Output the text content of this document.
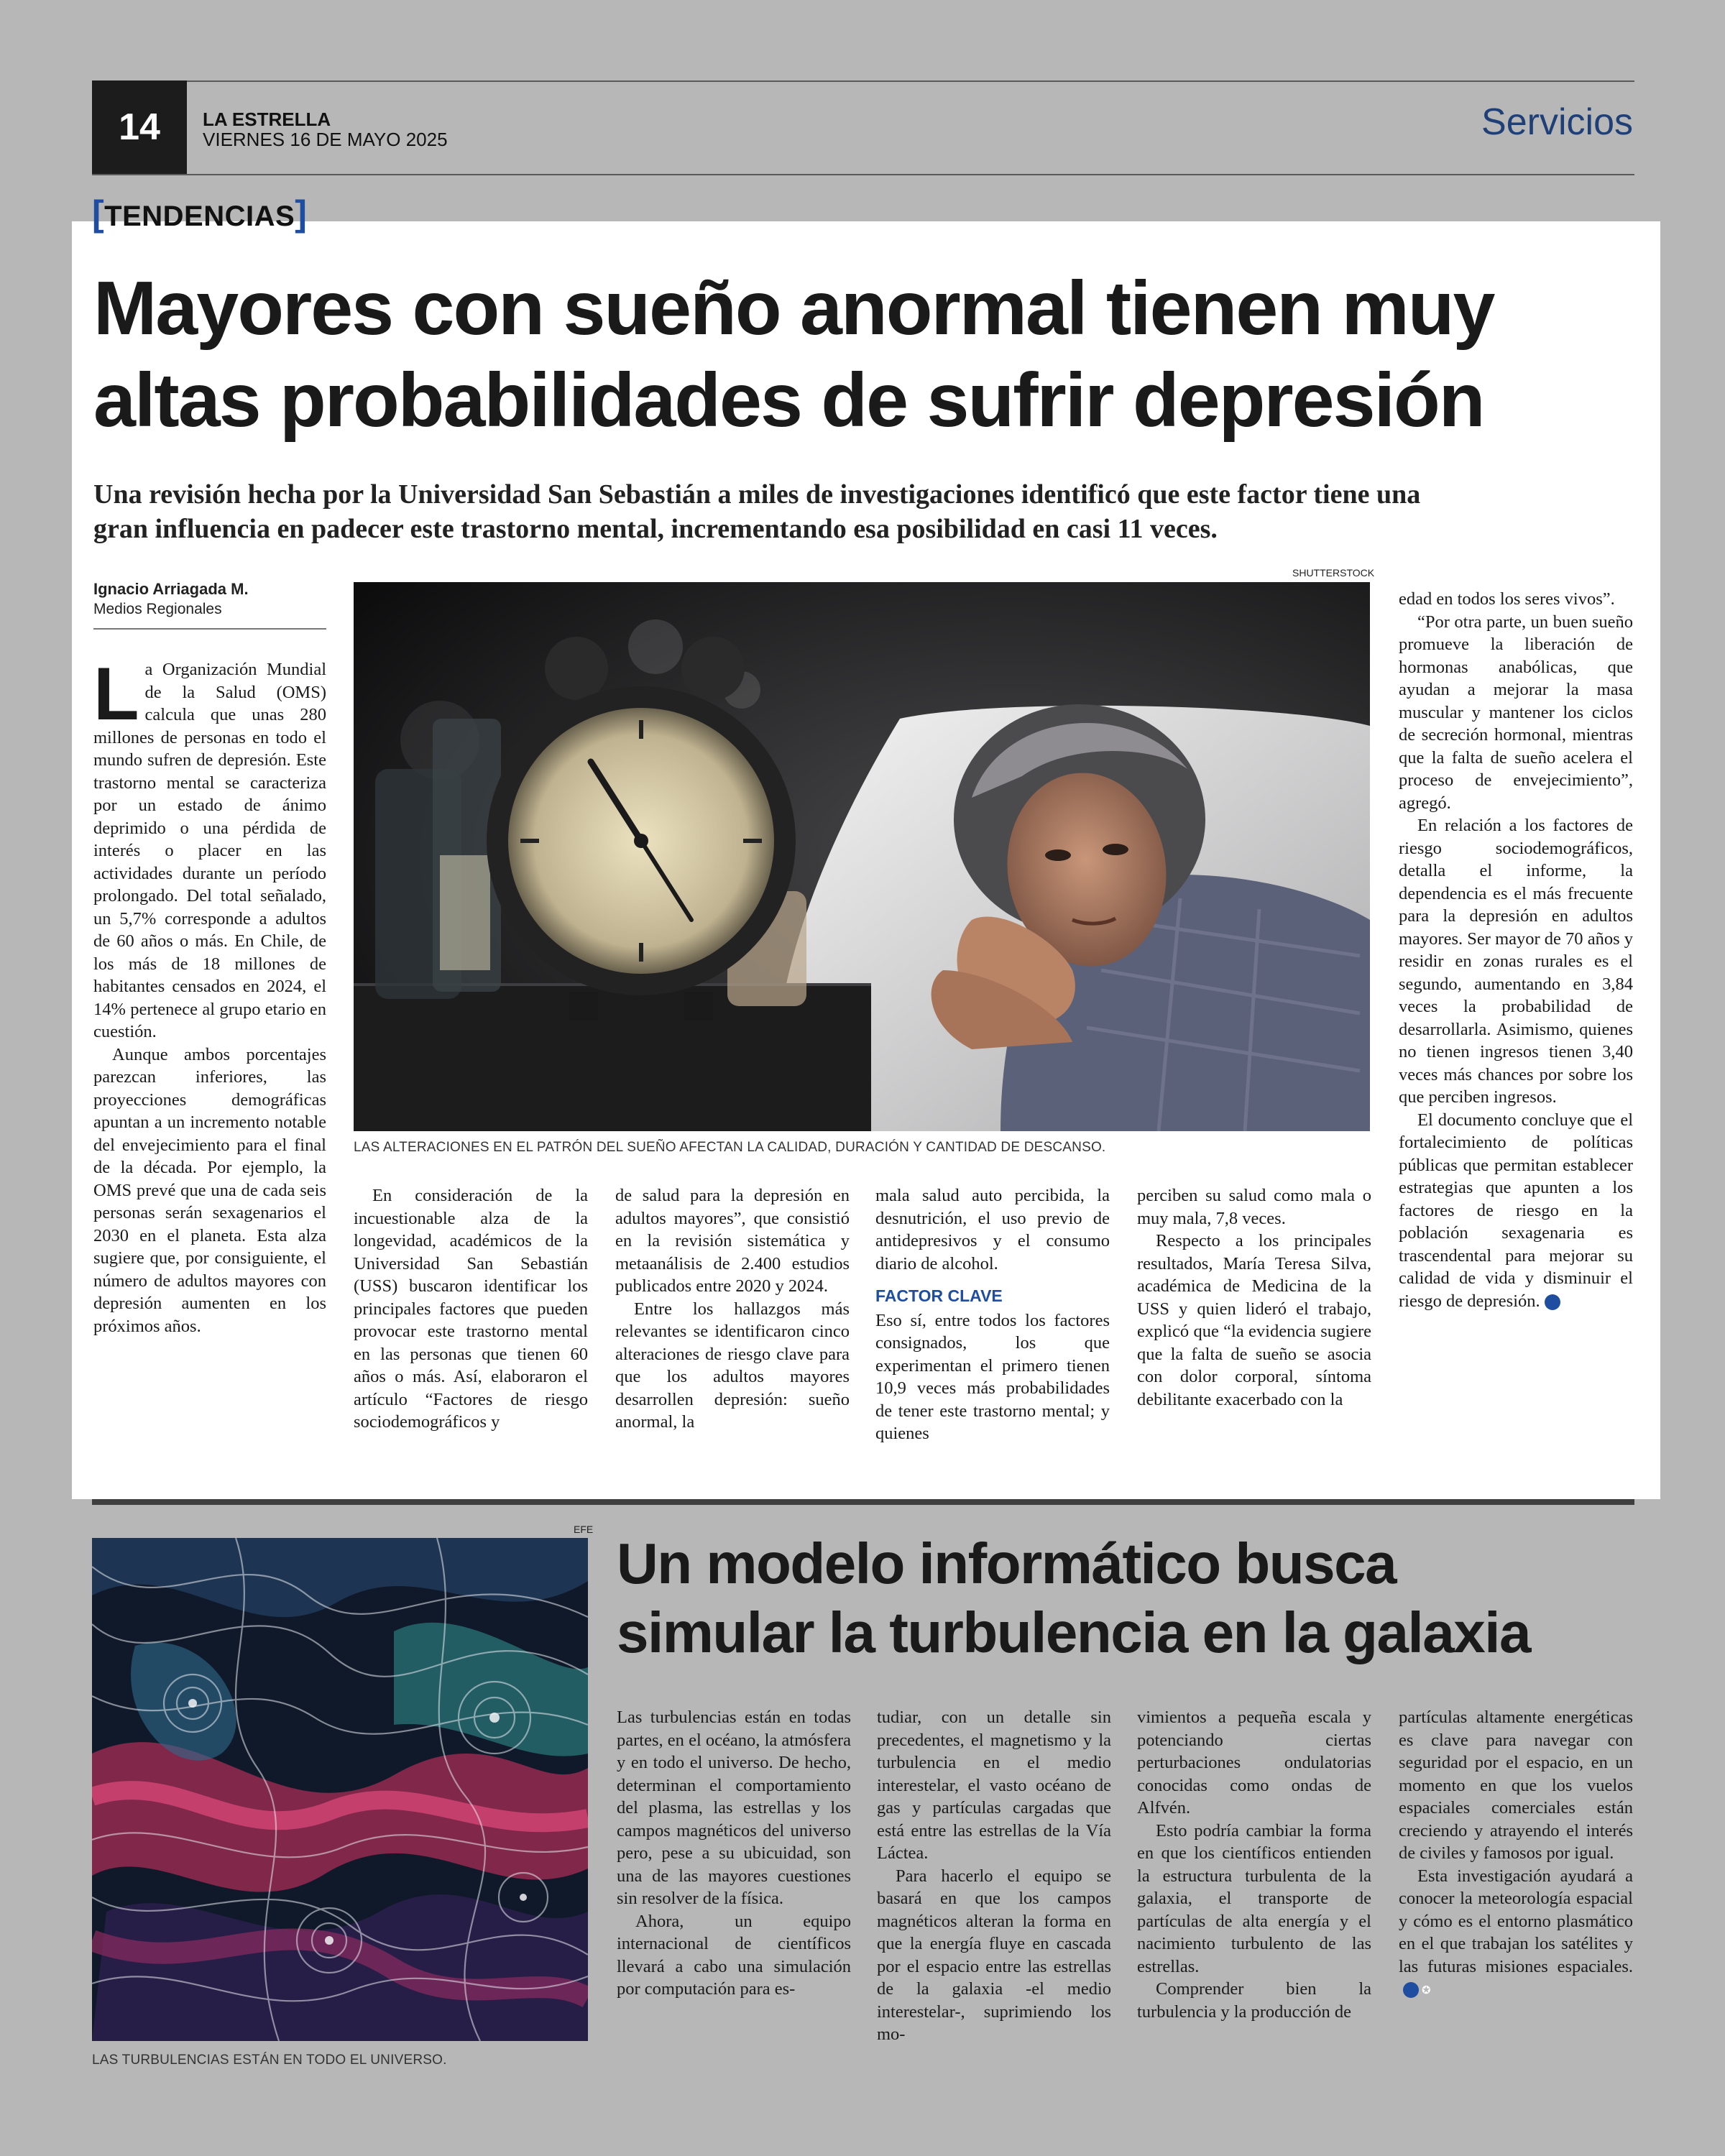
14	LA ESTRELLA
VIERNES 16 DE MAYO 2025	Servicios
[TENDENCIAS]
Mayores con sueño anormal tienen muy
altas probabilidades de sufrir depresión
Una revisión hecha por la Universidad San Sebastián a miles de investigaciones identificó que este factor tiene una
gran influencia en padecer este trastorno mental, incrementando esa posibilidad en casi 11 veces.
Ignacio Arriagada M.
Medios Regionales
SHUTTERSTOCK
LAS ALTERACIONES EN EL PATRÓN DEL SUEÑO AFECTAN LA CALIDAD, DURACIÓN Y CANTIDAD DE DESCANSO.

La Organización Mundial de la Salud (OMS) calcula que unas 280 millones de personas en todo el mundo sufren de depresión. Este trastorno mental se caracteriza por un estado de ánimo deprimido o una pérdida de interés o placer en las actividades durante un período prolongado. Del total señalado, un 5,7% corresponde a adultos de 60 años o más. En Chile, de los más de 18 millones de habitantes censados en 2024, el 14% pertenece al grupo etario en cuestión.

Aunque ambos porcentajes parezcan inferiores, las proyecciones demográficas apuntan a un incremento notable del envejecimiento para el final de la década. Por ejemplo, la OMS prevé que una de cada seis personas serán sexagenarios el 2030 en el planeta. Esta alza sugiere que, por consiguiente, el número de adultos mayores con depresión aumenten en los próximos años.

En consideración de la incuestionable alza de la longevidad, académicos de la Universidad San Sebastián (USS) buscaron identificar los principales factores que pueden provocar este trastorno mental en las personas que tienen 60 años o más. Así, elaboraron el artículo “Factores de riesgo sociodemográficos y

de salud para la depresión en adultos mayores”, que consistió en la revisión sistemática y metaanálisis de 2.400 estudios publicados entre 2020 y 2024.

Entre los hallazgos más relevantes se identificaron cinco alteraciones de riesgo clave para que los adultos mayores desarrollen depresión: sueño anormal, la

mala salud auto percibida, la desnutrición, el uso previo de antidepresivos y el consumo diario de alcohol.

FACTOR CLAVE

Eso sí, entre todos los factores consignados, los que experimentan el primero tienen 10,9 veces más probabilidades de tener este trastorno mental; y quienes

perciben su salud como mala o muy mala, 7,8 veces.

Respecto a los principales resultados, María Teresa Silva, académica de Medicina de la USS y quien lideró el trabajo, explicó que “la evidencia sugiere que la falta de sueño se asocia con dolor corporal, síntoma debilitante exacerbado con la

edad en todos los seres vivos”.

“Por otra parte, un buen sueño promueve la liberación de hormonas anabólicas, que ayudan a mejorar la masa muscular y mantener los ciclos de secreción hormonal, mientras que la falta de sueño acelera el proceso de envejecimiento”, agregó.

En relación a los factores de riesgo sociodemográficos, detalla el informe, la dependencia es el más frecuente para la depresión en adultos mayores. Ser mayor de 70 años y residir en zonas rurales es el segundo, aumentando en 3,84 veces la probabilidad de desarrollarla. Asimismo, quienes no tienen ingresos tienen 3,40 veces más chances por sobre los que perciben ingresos.

El documento concluye que el fortalecimiento de políticas públicas que permitan establecer estrategias que apunten a los factores de riesgo en la población sexagenaria es trascendental para mejorar su calidad de vida y disminuir el riesgo de depresión. ✪

EFE
LAS TURBULENCIAS ESTÁN EN TODO EL UNIVERSO.
Un modelo informático busca
simular la turbulencia en la galaxia

Las turbulencias están en todas partes, en el océano, la atmósfera y en todo el universo. De hecho, determinan el comportamiento del plasma, las estrellas y los campos magnéticos del universo pero, pese a su ubicuidad, son una de las mayores cuestiones sin resolver de la física.

Ahora, un equipo internacional de científicos llevará a cabo una simulación por computación para es-

tudiar, con un detalle sin precedentes, el magnetismo y la turbulencia en el medio interestelar, el vasto océano de gas y partículas cargadas que está entre las estrellas de la Vía Láctea.

Para hacerlo el equipo se basará en que los campos magnéticos alteran la forma en que la energía fluye en cascada por el espacio entre las estrellas de la galaxia -el medio interestelar-, suprimiendo los mo-

vimientos a pequeña escala y potenciando ciertas perturbaciones ondulatorias conocidas como ondas de Alfvén.

Esto podría cambiar la forma en que los científicos entienden la estructura turbulenta de la galaxia, el transporte de partículas de alta energía y el nacimiento turbulento de las estrellas.

Comprender bien la turbulencia y la producción de

partículas altamente energéticas es clave para navegar con seguridad por el espacio, en un momento en que los vuelos espaciales comerciales están creciendo y atrayendo el interés de civiles y famosos por igual.

Esta investigación ayudará a conocer la meteorología espacial y cómo es el entorno plasmático en el que trabajan los satélites y las futuras misiones espaciales.✪
